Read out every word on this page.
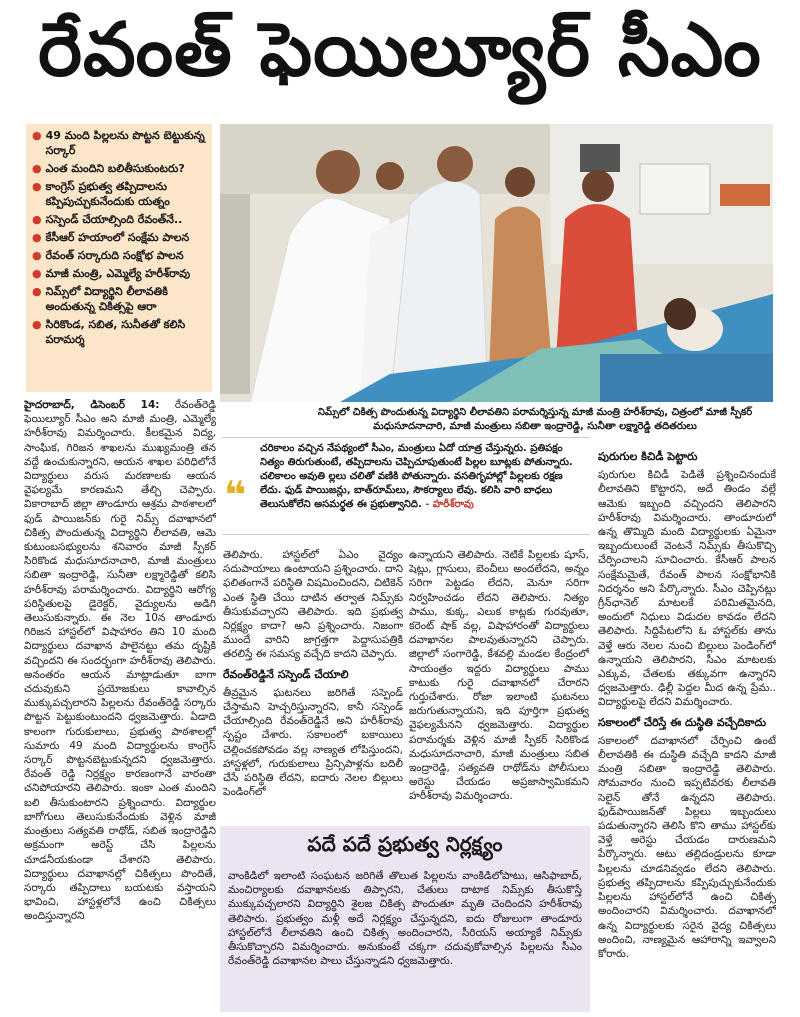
రేవంత్ ఫెయిల్యూర్ సీఎం
● 49 మంది పిల్లలను పొట్టన బెట్టుకున్న సర్కార్
● ఎంత మందిని బలితీసుకుంటరు?
● కాంగ్రెస్ ప్రభుత్వ తప్పిదాలను కప్పిపుచ్చుకునేందుకు యత్నం
● సస్పెండ్ చేయాల్సింది రేవంత్‌నే..
● కేసీఆర్ హయాంలో సంక్షేమ పాలన
● రేవంత్ సర్కారుది సంక్షోభ పాలన
● మాజీ మంత్రి, ఎమ్మెల్యే హరీశ్‌రావు
● నిమ్స్‌లో విద్యార్థిని లీలావతికి అందుతున్న చికిత్సపై ఆరా
● సిరికొండ, సబిత, సునీతతో కలిసి పరామర్శ
నిమ్స్‌లో చికిత్స పొందుతున్న విద్యార్థిని లీలావతిని పరామర్శిస్తున్న మాజీ మంత్రి హరీశ్‌రావు, చిత్రంలో మాజీ స్పీకర్ మధుసూదనాచారి, మాజీ మంత్రులు సబితా ఇంద్రారెడ్డి, సునీతా లక్ష్మారెడ్డి తదితరులు
హైదరాబాద్, డిసెంబర్ 14: రేవంత్‌రెడ్డి ఫెయిల్యూర్ సీఎం అని మాజీ మంత్రి, ఎమ్మెల్యే హరీశ్‌రావు విమర్శించారు. కీలకమైన విద్య, సాంఘిక, గిరిజన శాఖలను ముఖ్యమంత్రి తన వద్దే ఉంచుకున్నారని, ఆయన శాఖల పరిధిలోనే విద్యార్థులు వరుస మరణాలకు ఆయన వైఫల్యమే కారణమని తేల్చి చెప్పారు. వికారాబాద్ జిల్లా తాండూరు ఆశ్రమ పాఠశాలలో ఫుడ్ పాయిజన్‌కు గురై నిమ్స్ దవాఖానలో చికిత్స పొందుతున్న విద్యార్థిని లీలావతి, ఆమె కుటుంబసభ్యులను శనివారం మాజీ స్పీకర్ సిరికొండ మధుసూదనాచారి, మాజీ మంత్రులు సబితా ఇంద్రారెడ్డి, సునీతా లక్ష్మారెడ్డితో కలిసి హరీశ్‌రావు పరామర్శించారు. విద్యార్థిని ఆరోగ్య పరిస్థితులపై డైరెక్టర్, వైద్యులను అడిగి తెలుసుకున్నారు. ఈ నెల 10న తాండూరు గిరిజన హాస్టల్‌లో విషాహారం తిని 10 మంది విద్యార్థులు దవాఖాన పాలైనట్టు తమ దృష్టికి వచ్చిందని ఈ సందర్భంగా హరీశ్‌రావు తెలిపారు. అనంతరం ఆయన మాట్లాడుతూ బాగా చదువుకుని ప్రయోజకులు కావాల్సిన ముక్కుపచ్చలారని పిల్లలను రేవంత్‌రెడ్డి సర్కారు పొట్టన పెట్టుకుంటుందని ధ్వజమెత్తారు. ఏడాది కాలంగా గురుకులాలు, ప్రభుత్వ పాఠశాలల్లో సుమారు 49 మంది విద్యార్థులను కాంగ్రెస్ సర్కార్ పొట్టనబెట్టుకున్నదని ధ్వజమెత్తారు. రేవంత్ రెడ్డి నిర్లక్ష్యం కారణంగానే వారంతా చనిపోయారని తెలిపారు. ఇంకా ఎంత మందిని బలి తీసుకుంటారని ప్రశ్నించారు. విద్యార్థుల బాగోగులు తెలుసుకునేందుకు వెళ్లిన మాజీ మంత్రులు సత్యవతి రాథోడ్, సబిత ఇంద్రారెడ్డిని అక్రమంగా అరెస్ట్ చేసి పిల్లలను చూడనీయకుండా చేశారని తెలిపారు. విద్యార్థులు దవాఖానల్లో చికిత్సలు పొందితే, సర్కారు తప్పిదాలు బయటకు వస్తాయని భావించి, హాస్టళ్లలోనే ఉంచి చికిత్సలు అందిస్తున్నారని
❝
చరికాలం వచ్చిన నేపథ్యంలో సీఎం, మంత్రులు ఏదో యాత్ర చేస్తున్నరు. ప్రతిపక్షం నిత్యం తిరుగుతుంటే, తప్పిదాలను చెప్పిచూపుతుంటే పిల్లల బూట్లకు పోతున్నారు. చలికాలం అవుతి ల్లలు చలితో వణికి పోతున్నారు. వసతిగృహాల్లో పిల్లలకు రక్షణ లేదు. ఫుడ్ పాయిజన్లు, బాత్‌రూమ్‌లు, సౌకర్యాలు లేవు. కలిసి వారి బాధలు తెలుసుకోలేని అసమర్థత ఈ ప్రభుత్వానిది. - హరీశ్‌రావు
తెలిపారు. హాస్టల్‌లో ఏఎం వైద్యం సదుపాయాలు ఉంటాయని ప్రశ్నించారు. దాని ఫలితంగానే పరిస్థితి విషమించిందని, చిటికెన్ ఎంత స్థితి చేయి దాటిన తర్వాత నిమ్స్‌కు తీసుకువచ్చారని తెలిపారు. ఇది ప్రభుత్వ నిర్లక్ష్యం కాదా? అని ప్రశ్నించారు. నిజంగా ముందే వారిని జాగ్రత్తగా పెద్దాసుపత్రికి తరలిస్తే ఈ సమస్య వచ్చేది కాదని చెప్పారు.
రేవంత్‌రెడ్డినే సస్పెండ్ చేయాలి
తీవ్రమైన ఘటనలు జరిగితే సస్పెండ్ చేస్తామని హెచ్చరిస్తున్నారని, కానీ సస్పెండ్ చేయాల్సింది రేవంత్‌రెడ్డినే అని హరీశ్‌రావు స్పష్టం చేశారు. సకాలంలో బకాయిలు చెల్లించకపోవడం వల్ల నాణ్యత లోపిస్తుందని, హాస్టళ్లలో, గురుకులాలు ప్రిన్సిపాళ్లను బదిలీ చేసే పరిస్థితి లేదని, ఐదారు నెలల బిల్లులు పెండింగ్‌లో
ఉన్నాయని తెలిపారు. నెటికే పిల్లలకు షూస్, షెట్లు, గ్లాసులు, బెంచీలు అందలేదని, అన్నం సరిగా పెట్టడం లేదని, మెనూ సరిగా నిర్వహించడం లేదని తెలిపారు. నిత్యం పాము, కుక్క, ఎలుక కాట్లకు గురవుతూ, కరెంట్ షాక్ వల్ల, విషాహారంతో విద్యార్థులు దవాఖానల పాలవుతున్నారని చెప్పారు. జిల్లాలో సంగారెడ్డి, కేశవల్లి మండల కేంద్రంలో సాయంత్రం ఇద్దరు విద్యార్థులు పాము కాటుకు గురై దవాఖానలో చేరారని గుర్తుచేశారు. రోజా ఇలాంటి ఘటనలు జరుగుతున్నాయని, ఇది పూర్తిగా ప్రభుత్వ వైఫల్యమేనని ధ్వజమెత్తారు. విద్యార్థుల పరామర్శకు వెళ్లిన మాజీ స్పీకర్ సిరికొండ మధుసూదనాచారి, మాజీ మంత్రులు సబిత ఇంద్రారెడ్డి, సత్యవతి రాథోడ్‌ను పోలీసులు అరెస్టు చేయడం అప్రజాస్వామికమని హరీశ్‌రావు విమర్శించారు.
పురుగుల కిచిడీ పెట్టారు
పురుగుల కిచిడీ పెడితే ప్రశ్నించినందుకే లీలావతిని కొట్టారని, అదే తిండం వల్లే ఆమెకు ఇబ్బంది వచ్చిందని తెలిపారని హరీశ్‌రావు విమర్శించారు. తాండూరులో ఉన్న తొమ్మిది మంది విద్యార్థులకు ఏమైనా ఇబ్బందులుంటే వెంటనే నిమ్స్‌కు తీసుకొచ్చి చేర్పించాలని సూచించారు. కేసీఆర్ పాలన సంక్షేమమైతే, రేవంత్ పాలన సంక్షోభానికి నిదర్శనం అని పేర్కొన్నారు. సీఎం చెప్పినట్లు గ్రీన్‌ఛానెల్ మాటలకే పరిమితమైనది, అందులో నిధులు విడుదల కావడం లేదని తెలిపారు. సిద్దిపేటలోని ఓ హాస్టల్‌కు తాను వెళ్తే ఆరు నెలల నుంచి బిల్లులు పెండింగ్‌లో ఉన్నాయని తెలిపారని, సీఎం మాటలకు ఎక్కువ, చేతలకు తక్కువగా ఉన్నారని ధ్వజమెత్తారు. ఢిల్లీ పెద్దల మీద ఉన్న ప్రేమ.. విద్యార్థులపై లేదని విమర్శించారు.
సకాలంలో చేరిస్తే ఈ దుస్థితి వచ్చేదికాదు
సకాలంలో దవాఖానలో చేర్పించి ఉంటే లీలావతికి ఈ దుస్థితి వచ్చేది కాదని మాజీ మంత్రి సబితా ఇంద్రారెడ్డి తెలిపారు. సోమవారం నుంచి ఇప్పటివరకు లీలావతి సెలైన్ తోనే ఉన్నదని తెలిపారు. ఫుడ్‌పాయిజన్‌తో పిల్లలు ఇబ్బందులు పడుతున్నారని తెలిసి కొని తాము హాస్టల్‌కు వెళ్తే అరెస్టు చేయడం దారుణమని పేర్కొన్నారు. ఆటు తల్లిదండ్రులను కూడా పిల్లలను చూడనివ్వడం లేదని తెలిపారు. ప్రభుత్వ తప్పిదాలను కప్పిపుచ్చుకునేందుకు పిల్లలను హాస్టల్‌లోనే ఉంచి చికిత్స అందించారని విమర్శించారు. దవాఖానలో ఉన్న విద్యార్థులకు సరైన వైద్య చికిత్సలు అందించి, నాణ్యమైన ఆహారాన్ని ఇవ్వాలని కోరారు.
పదే పదే ప్రభుత్వ నిర్లక్ష్యం
వాంకిడిలో ఇలాంటి సంఘటన జరిగితే తొలుత పిల్లలను వాంకిడిలోపాటు, ఆసిఫాబాద్, మంచిర్యాలకు దవాఖానలకు తిప్పారని, చేతులు దాటాక నిమ్స్‌కు తీసుకొస్తే ముక్కుపచ్చలారని విద్యార్థిని శైలజ చికిత్స పొందుతూ మృతి చెందిందని హరీశ్‌రావు తెలిపారు. ప్రభుత్వం మళ్లీ అదే నిర్లక్ష్యం చేస్తున్నదని, ఐదు రోజులుగా తాండూరు హాస్టల్‌లోనే లీలావతిని ఉంచి చికిత్స అందించారని, సీరియస్ అయ్యాకే నిమ్స్‌కు తీసుకొచ్చారని విమర్శించారు. అనుకుంటే చక్కగా చదువుకోవాల్సిన పిల్లలను సీఎం రేవంత్‌రెడ్డి దవాఖానల పాలు చేస్తున్నాడని ధ్వజమెత్తారు.
